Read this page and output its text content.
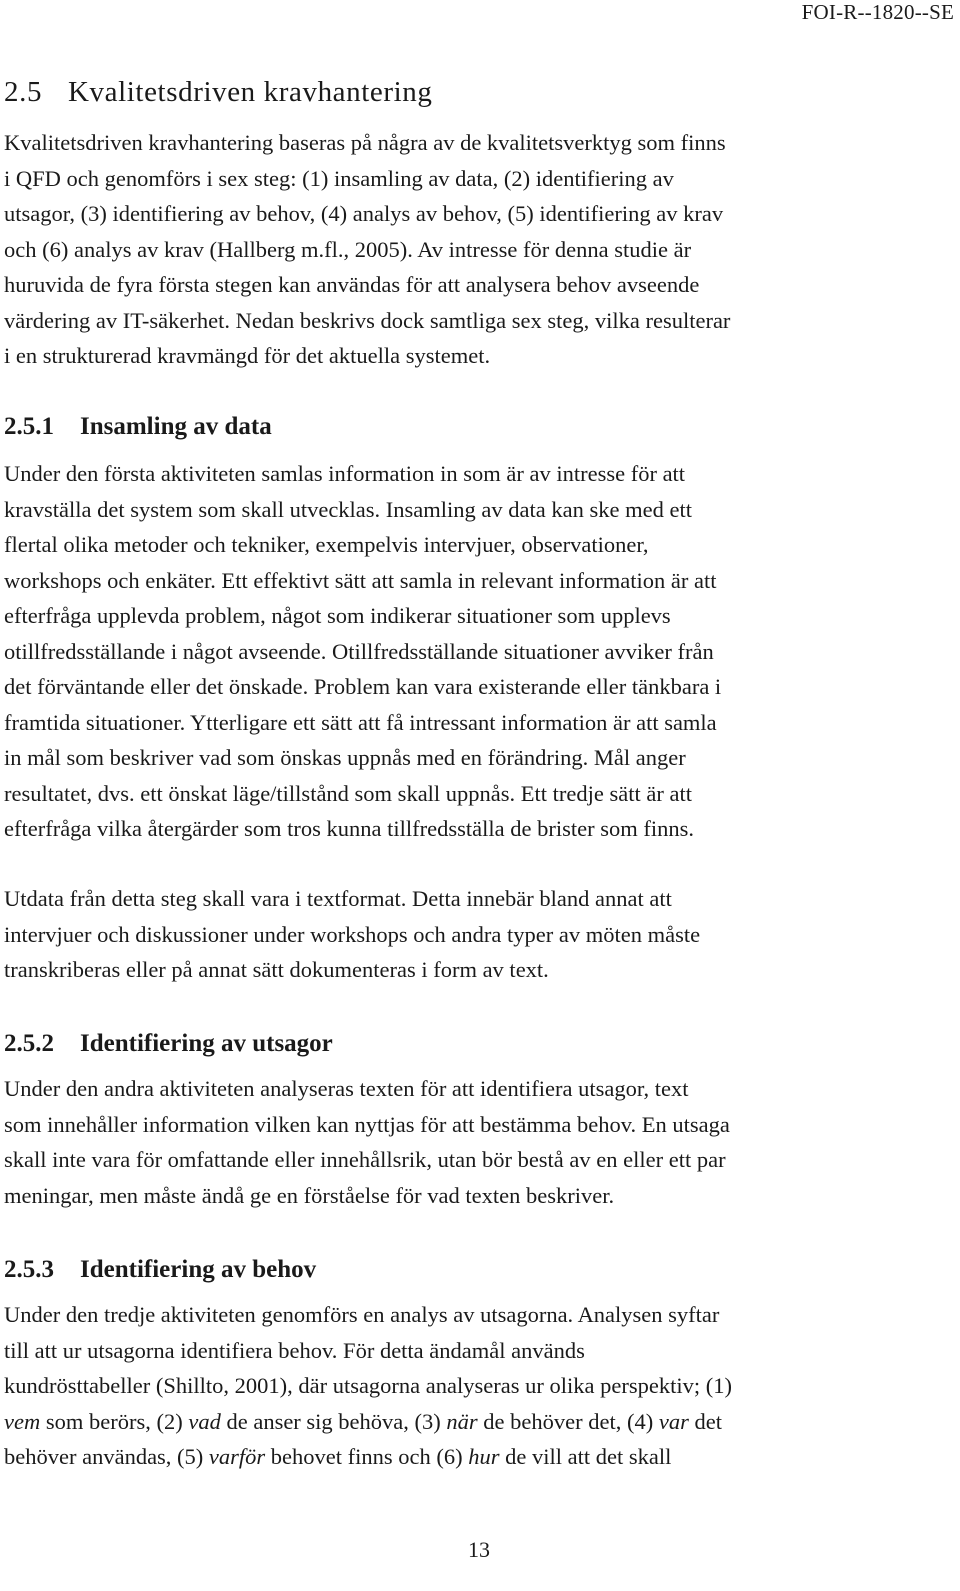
FOI-R--1820--SE
2.5 Kvalitetsdriven kravhantering

Kvalitetsdriven kravhantering baseras på några av de kvalitetsverktyg som finns
i QFD och genomförs i sex steg: (1) insamling av data, (2) identifiering av
utsagor, (3) identifiering av behov, (4) analys av behov, (5) identifiering av krav
och (6) analys av krav (Hallberg m.fl., 2005). Av intresse för denna studie är
huruvida de fyra första stegen kan användas för att analysera behov avseende
värdering av IT-säkerhet. Nedan beskrivs dock samtliga sex steg, vilka resulterar
i en strukturerad kravmängd för det aktuella systemet.

2.5.1 Insamling av data

Under den första aktiviteten samlas information in som är av intresse för att
kravställa det system som skall utvecklas. Insamling av data kan ske med ett
flertal olika metoder och tekniker, exempelvis intervjuer, observationer,
workshops och enkäter. Ett effektivt sätt att samla in relevant information är att
efterfråga upplevda problem, något som indikerar situationer som upplevs
otillfredsställande i något avseende. Otillfredsställande situationer avviker från
det förväntande eller det önskade. Problem kan vara existerande eller tänkbara i
framtida situationer. Ytterligare ett sätt att få intressant information är att samla
in mål som beskriver vad som önskas uppnås med en förändring. Mål anger
resultatet, dvs. ett önskat läge/tillstånd som skall uppnås. Ett tredje sätt är att
efterfråga vilka återgärder som tros kunna tillfredsställa de brister som finns.

Utdata från detta steg skall vara i textformat. Detta innebär bland annat att
intervjuer och diskussioner under workshops och andra typer av möten måste
transkriberas eller på annat sätt dokumenteras i form av text.

2.5.2 Identifiering av utsagor

Under den andra aktiviteten analyseras texten för att identifiera utsagor, text
som innehåller information vilken kan nyttjas för att bestämma behov. En utsaga
skall inte vara för omfattande eller innehållsrik, utan bör bestå av en eller ett par
meningar, men måste ändå ge en förståelse för vad texten beskriver.

2.5.3 Identifiering av behov

Under den tredje aktiviteten genomförs en analys av utsagorna. Analysen syftar
till att ur utsagorna identifiera behov. För detta ändamål används
kundrösttabeller (Shillto, 2001), där utsagorna analyseras ur olika perspektiv; (1)
vem som berörs, (2) vad de anser sig behöva, (3) när de behöver det, (4) var det
behöver användas, (5) varför behovet finns och (6) hur de vill att det skall

13
